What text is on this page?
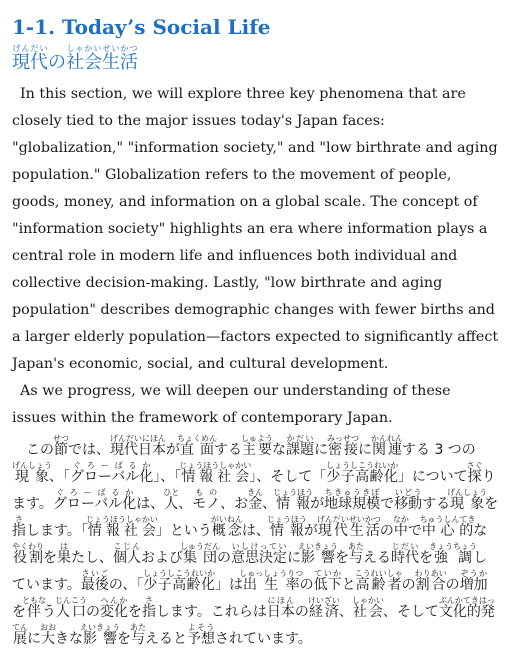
1-1. Today’s Social Life
現代げんだいの社会生活しゃかいせいかつ

In this section, we will explore three key phenomena that are closely tied to the major issues today's Japan faces: "globalization," "information society," and "low birthrate and aging population." Globalization refers to the movement of people, goods, money, and information on a global scale. The concept of "information society" highlights an era where information plays a central role in modern life and influences both individual and collective decision-making. Lastly, "low birthrate and aging population" describes demographic changes with fewer births and a larger elderly population—factors expected to significantly affect Japan's economic, social, and cultural development.

As we progress, we will deepen our understanding of these issues within the framework of contemporary Japan.

この節せつでは、現代日本げんだいにほんが直面ちょくめんする主要しゅような課題かだいに密接みっせつに関連かんれんする 3 つの現象げんしょう、「グローバル化ぐろーばるか」、「情報社会じょうほうしゃかい」、そして「少子高齢化しょうしこうれいか」について探さぐります。グローバル化ぐろーばるかは、人ひと、モノもの、お金きん、情報じょうほうが地球規模ちきゅうきぼで移動いどうする現象げんしょうを指さします。「情報社会じょうほうしゃかい」という概念がいねんは、情報じょうほうが現代生活げんだいせいかつの中なかで中心的ちゅうしんてきな役割やくわりを果はたし、個人こじんおよび集団しゅうだんの意思決定いしけっていに影響えいきょうを与あたえる時代じだいを強調きょうちょうしています。最後さいごの、「少子高齢化しょうしこうれいか」は出生率しゅっしょうりつの低下ていかと高齢者こうれいしゃの割合わりあいの増加ぞうかを伴ともなう人口じんこうの変化へんかを指さします。これらは日本にほんの経済けいざい、社会しゃかい、そして文化的発展ぶんかてきはってんに大おおきな影響えいきょうを与あたえると予想よそうされています。
